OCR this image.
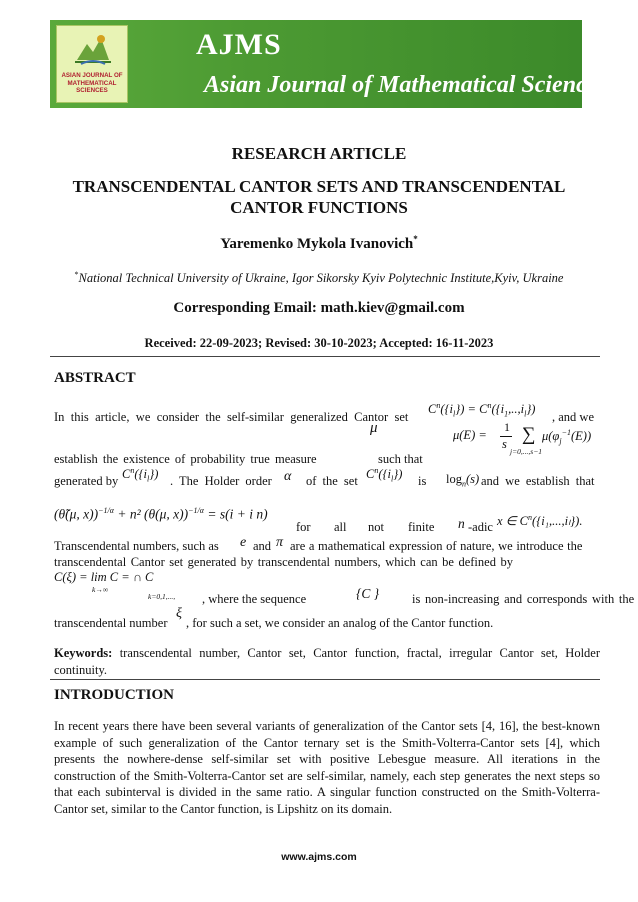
ASIAN JOURNAL OF
MATHEMATICAL
SCIENCES
AJMS
Asian Journal of Mathematical Sciences
RESEARCH ARTICLE
TRANSCENDENTAL CANTOR SETS AND TRANSCENDENTAL
CANTOR FUNCTIONS
Yaremenko Mykola Ivanovich*
*National Technical University of Ukraine, Igor Sikorsky Kyiv Polytechnic Institute,Kyiv, Ukraine
Corresponding Email: math.kiev@gmail.com
Received: 22-09-2023; Revised: 30-10-2023; Accepted: 16-11-2023
ABSTRACT
In this article, we consider the self-similar generalized Cantor set
$C^n(\{i_l\}) = C^n(\{i_1,..,i_l\})$
, and we
μ	μ(E) =
1
s ∑
j=0,...,s−1
$\mu(\varphi_j^{-1}(E))$
establish the existence of probability true measure	such that
generated by $C^n(\{i_l\})$ . The Holder order α of the set $C^n(\{i_l\})$ is $\log_n(s)$ and we establish that
(θ̃(μ, x))$^{-1/\alpha}$ + n² (θ(μ, x))$^{-1/\alpha}$ = s(i + i n)
for all not finite n -adic x ∈ $C^n(\{i_1,...,i_l\})$.
Transcendental numbers, such as e and π are a mathematical expression of nature, we introduce the
transcendental Cantor set generated by transcendental numbers, which can be defined by
C(ξ) = lim C = ∩ C
k→∞
k=0,1,..., , where the sequence	{C }	is non-increasing and corresponds with the
transcendental number
ξ
, for such a set, we consider an analog of the Cantor function.
Keywords: transcendental number, Cantor set, Cantor function, fractal, irregular Cantor set, Holder continuity.
INTRODUCTION
In recent years there have been several variants of generalization of the Cantor sets [4, 16], the best-known example of such generalization of the Cantor ternary set is the Smith-Volterra-Cantor sets [4], which presents the nowhere-dense self-similar set with positive Lebesgue measure. All iterations in the construction of the Smith-Volterra-Cantor set are self-similar, namely, each step generates the next steps so that each subinterval is divided in the same ratio. A singular function constructed on the Smith-Volterra-Cantor set, similar to the Cantor function, is Lipshitz on its domain.
www.ajms.com
